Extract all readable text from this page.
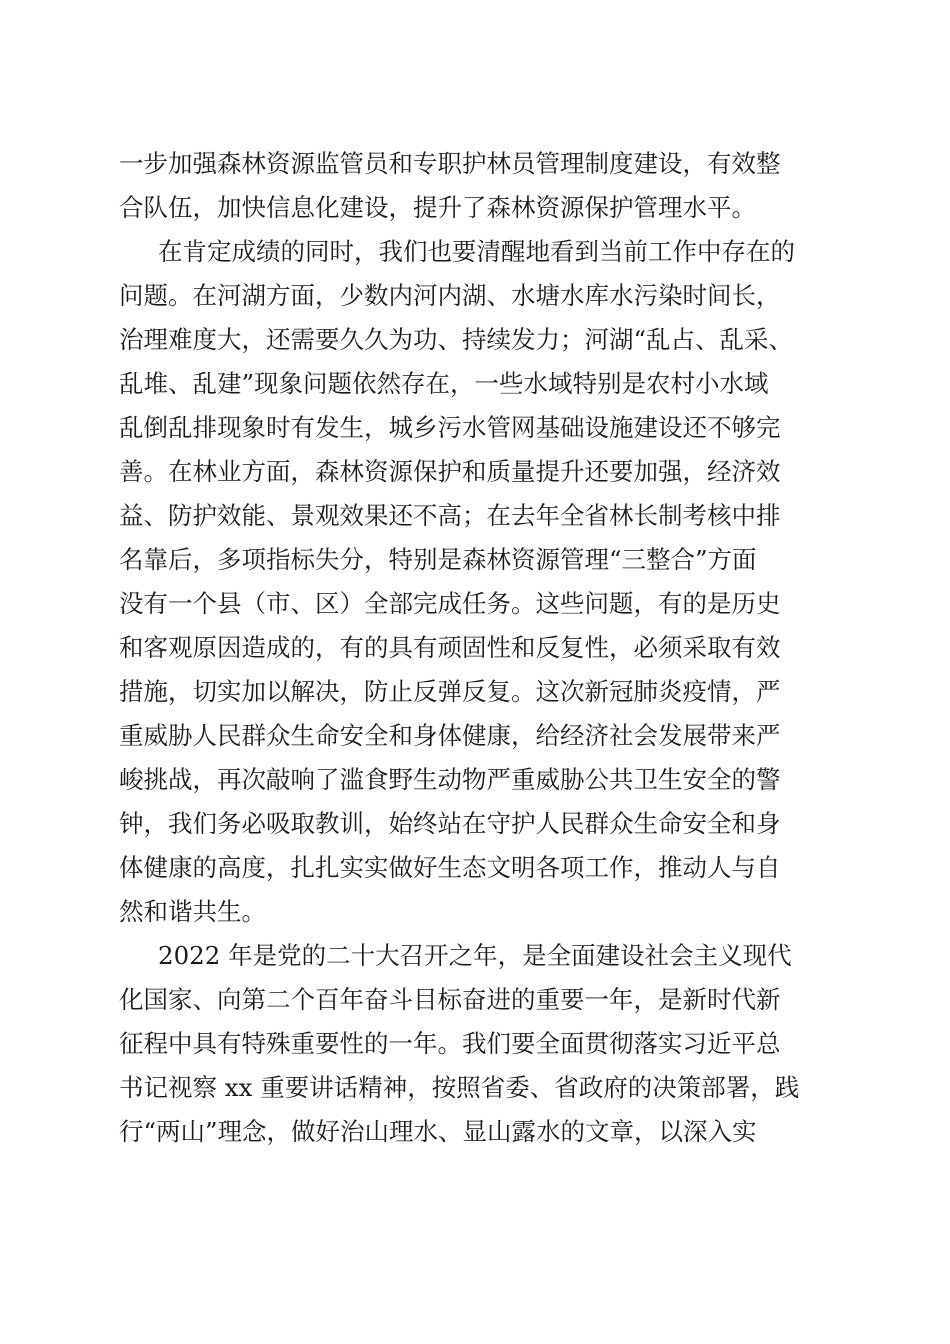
一步加强森林资源监管员和专职护林员管理制度建设，有效整
合队伍，加快信息化建设，提升了森林资源保护管理水平。
在肯定成绩的同时，我们也要清醒地看到当前工作中存在的
问题。在河湖方面，少数内河内湖、水塘水库水污染时间长，
治理难度大，还需要久久为功、持续发力；河湖“乱占、乱采、
乱堆、乱建”现象问题依然存在，一些水域特别是农村小水域
乱倒乱排现象时有发生，城乡污水管网基础设施建设还不够完
善。在林业方面，森林资源保护和质量提升还要加强，经济效
益、防护效能、景观效果还不高；在去年全省林长制考核中排
名靠后，多项指标失分，特别是森林资源管理“三整合”方面
没有一个县（市、区）全部完成任务。这些问题，有的是历史
和客观原因造成的，有的具有顽固性和反复性，必须采取有效
措施，切实加以解决，防止反弹反复。这次新冠肺炎疫情，严
重威胁人民群众生命安全和身体健康，给经济社会发展带来严
峻挑战，再次敲响了滥食野生动物严重威胁公共卫生安全的警
钟，我们务必吸取教训，始终站在守护人民群众生命安全和身
体健康的高度，扎扎实实做好生态文明各项工作，推动人与自
然和谐共生。
2022 年是党的二十大召开之年，是全面建设社会主义现代
化国家、向第二个百年奋斗目标奋进的重要一年，是新时代新
征程中具有特殊重要性的一年。我们要全面贯彻落实习近平总
书记视察 xx 重要讲话精神，按照省委、省政府的决策部署，践
行“两山”理念，做好治山理水、显山露水的文章，以深入实
